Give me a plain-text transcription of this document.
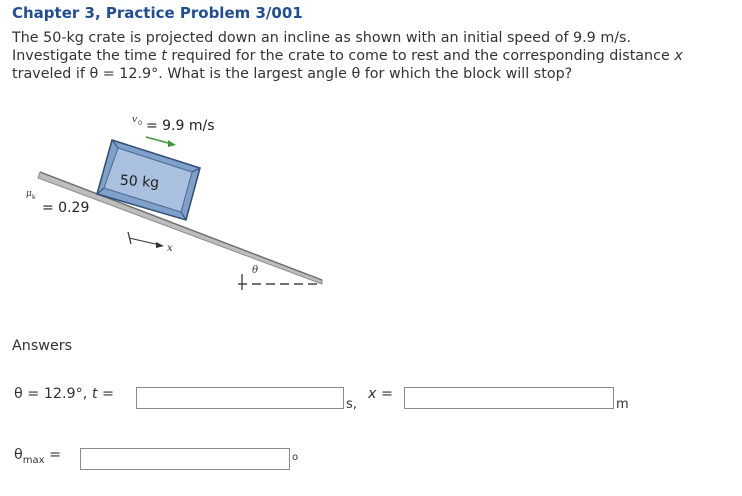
Chapter 3, Practice Problem 3/001
The 50-kg crate is projected down an incline as shown with an initial speed of 9.9 m/s.
Investigate the time t required for the crate to come to rest and the corresponding distance x
traveled if θ = 12.9°. What is the largest angle θ for which the block will stop?
50 kg
v 0 = 9.9 m/s
μ k
= 0.29
x
θ
Answers
θ = 12.9°, t =
s,
x =
m
$\theta_{max}$ =	o
